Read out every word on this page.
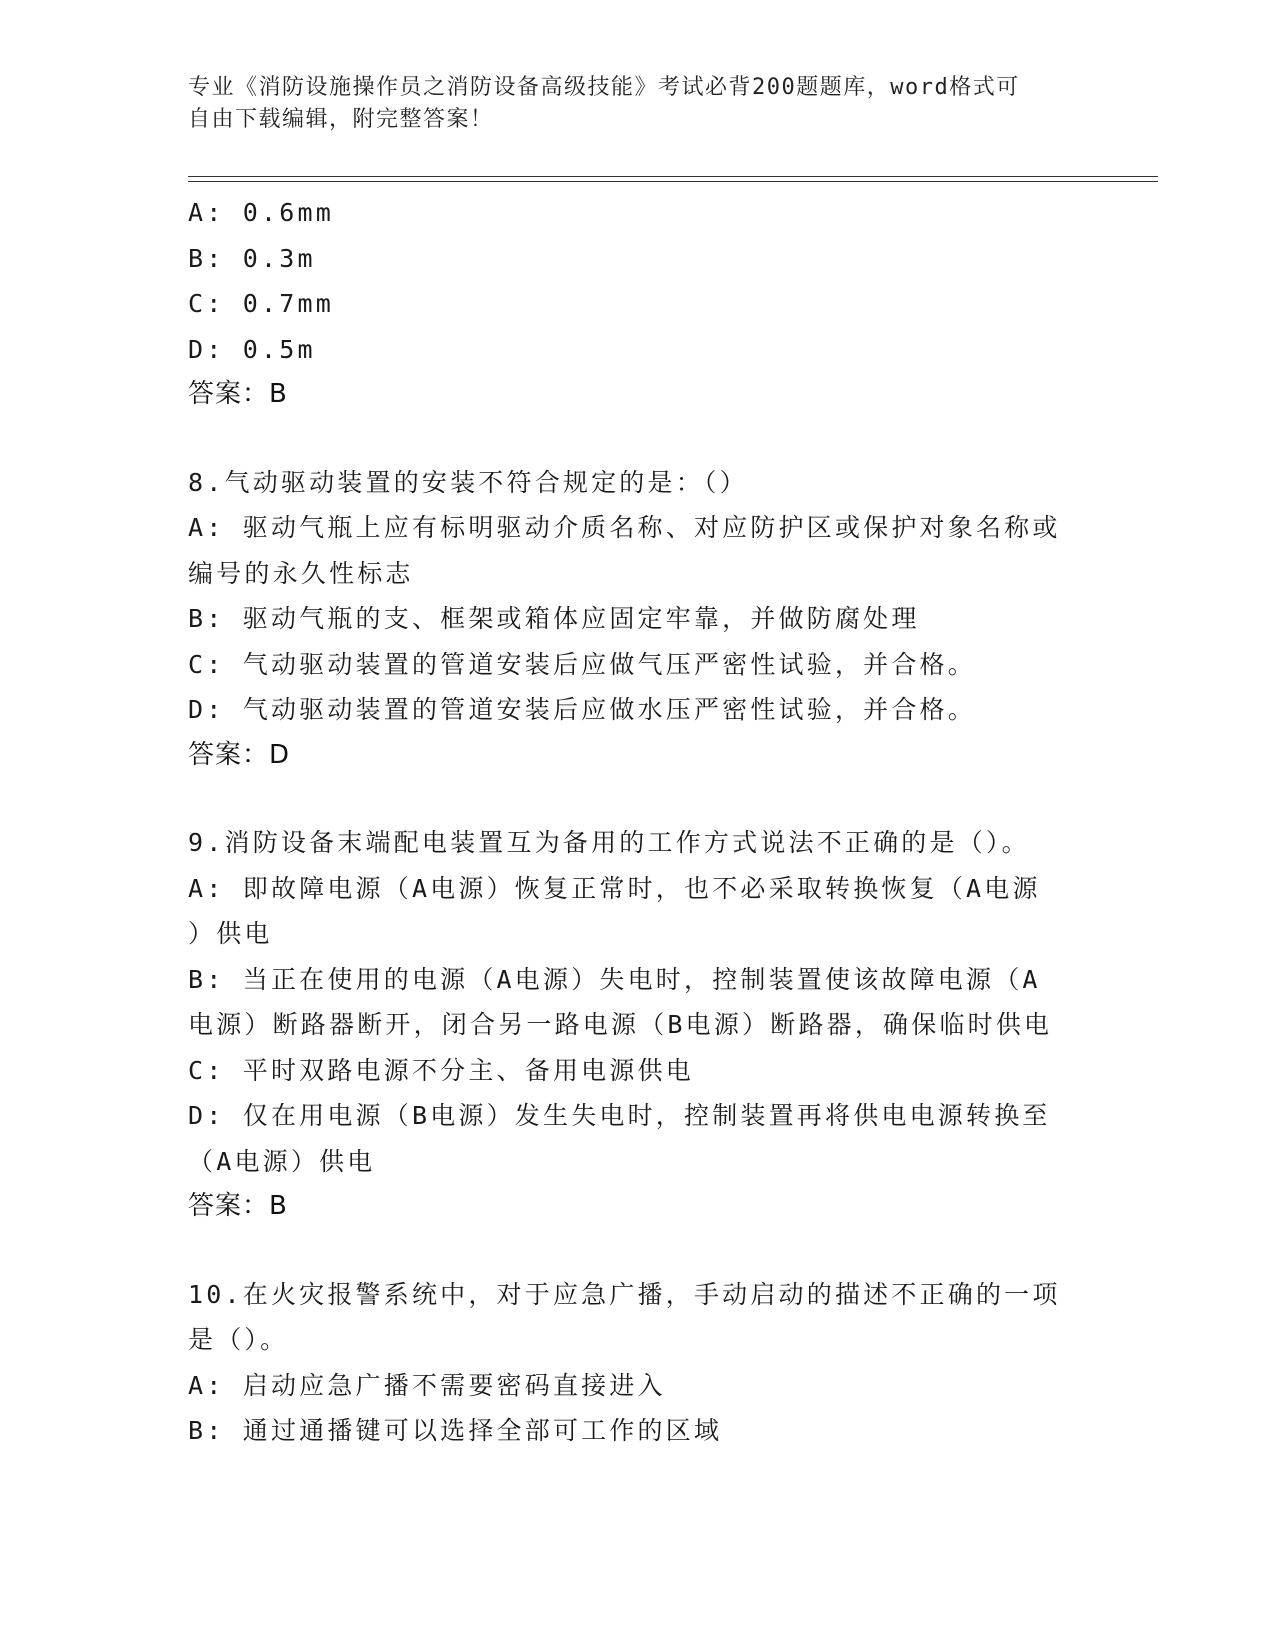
专业《消防设施操作员之消防设备高级技能》考试必背200题题库，word格式可
自由下载编辑，附完整答案！
A: 0.6mm
B: 0.3m
C: 0.7mm
D: 0.5m
答案：B
8.气动驱动装置的安装不符合规定的是：（）
A: 驱动气瓶上应有标明驱动介质名称、对应防护区或保护对象名称或
编号的永久性标志
B: 驱动气瓶的支、框架或箱体应固定牢靠，并做防腐处理
C: 气动驱动装置的管道安装后应做气压严密性试验，并合格。
D: 气动驱动装置的管道安装后应做水压严密性试验，并合格。
答案：D
9.消防设备末端配电装置互为备用的工作方式说法不正确的是（）。
A: 即故障电源（A电源）恢复正常时，也不必采取转换恢复（A电源
）供电
B: 当正在使用的电源（A电源）失电时，控制装置使该故障电源（A
电源）断路器断开，闭合另一路电源（B电源）断路器，确保临时供电
C: 平时双路电源不分主、备用电源供电
D: 仅在用电源（B电源）发生失电时，控制装置再将供电电源转换至
（A电源）供电
答案：B
10.在火灾报警系统中，对于应急广播，手动启动的描述不正确的一项
是（）。
A: 启动应急广播不需要密码直接进入
B: 通过通播键可以选择全部可工作的区域
